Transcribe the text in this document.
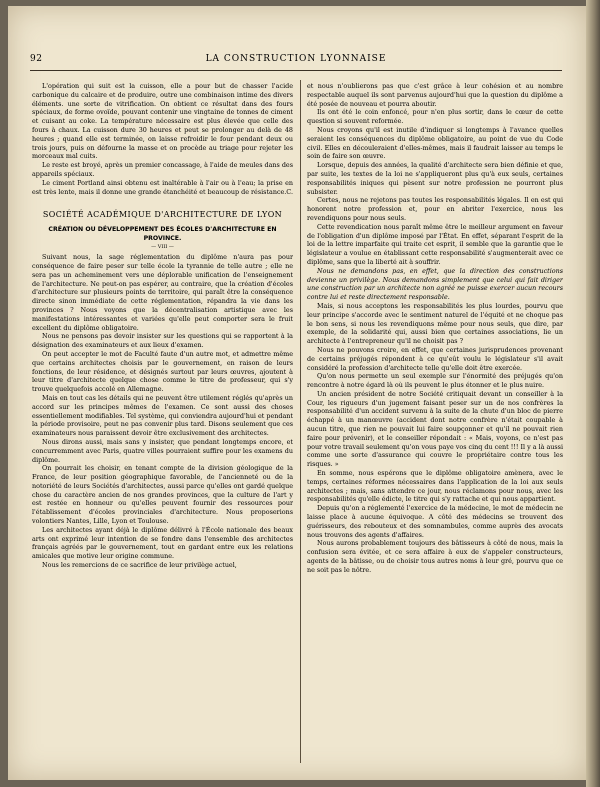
92	LA CONSTRUCTION LYONNAISE

L'opération qui suit est la cuisson, elle a pour but de chasser l'acide carbonique du calcaire et de produire, outre une combinaison intime des divers éléments. une sorte de vitrification. On obtient ce résultat dans des fours spéciaux, de forme ovoïde, pouvant contenir une vingtaine de tonnes de ciment et cuisant au coke. La température nécessaire est plus élevée que celle des fours à chaux. La cuisson dure 30 heures et peut se prolonger au delà de 48 heures ; quand elle est terminée, on laisse refroidir le four pendant deux ou trois jours, puis on défourne la masse et on procède au triage pour rejeter les morceaux mal cuits.

Le reste est broyé, après un premier concassage, à l'aide de meules dans des appareils spéciaux.

Le ciment Portland ainsi obtenu est inaltérable à l'air ou à l'eau; la prise en est très lente, mais il donne une grande étanchéité et beaucoup de résistance. C.

SOCIÉTÉ ACADÉMIQUE D'ARCHITECTURE DE LYON
CRÉATION OU DÉVELOPPEMENT DES ÉCOLES D'ARCHITECTURE EN PROVINCE.
— VIII —

Suivant nous, la sage réglementation du diplôme n'aura pas pour conséquence de faire peser sur telle école la tyrannie de telle autre ; elle ne sera pas un acheminement vers une déplorable unification de l'enseignement de l'architecture. Ne peut-on pas espérer, au contraire, que la création d'écoles d'architecture sur plusieurs points de territoire, qui paraît être la conséquence directe sinon immédiate de cette réglementation, répandra la vie dans les provinces ? Nous voyons que la décentralisation artistique avec les manifestations intéressantes et variées qu'elle peut comporter sera le fruit excellent du diplôme obligatoire.

Nous ne pensons pas devoir insister sur les questions qui se rapportent à la désignation des examinateurs et aux lieux d'examen.

On peut accepter le mot de Faculté faute d'un autre mot, et admettre même que certains architectes choisis par le gouvernement, en raison de leurs fonctions, de leur résidence, et désignés surtout par leurs œuvres, ajoutent à leur titre d'architecte quelque chose comme le titre de professeur, qui s'y trouve quelquefois accolé en Allemagne.

Mais en tout cas les détails qui ne peuvent être utilement réglés qu'après un accord sur les principes mêmes de l'examen. Ce sont aussi des choses essentiellement modifiables. Tel système, qui conviendra aujourd'hui et pendant la période provisoire, peut ne pas convenir plus tard. Disons seulement que ces examinateurs nous paraissent devoir être exclusivement des architectes.

Nous dirons aussi, mais sans y insister, que pendant longtemps encore, et concurremment avec Paris, quatre villes pourraient suffire pour les examens du diplôme.

On pourrait les choisir, en tenant compte de la division géologique de la France, de leur position géographique favorable, de l'ancienneté ou de la notoriété de leurs Sociétés d'architectes, aussi parce qu'elles ont gardé quelque chose du caractère ancien de nos grandes provinces, que la culture de l'art y est restée en honneur ou qu'elles peuvent fournir des ressources pour l'établissement d'écoles provinciales d'architecture. Nous proposerions volontiers Nantes, Lille, Lyon et Toulouse.

Les architectes ayant déjà le diplôme délivré à l'École nationale des beaux arts ont exprimé leur intention de se fondre dans l'ensemble des architectes français agréés par le gouvernement, tout en gardant entre eux les relations amicales que motive leur origine commune.

Nous les remercions de ce sacrifice de leur privilège actuel,

et nous n'oublierons pas que c'est grâce à leur cohésion et au nombre respectable auquel ils sont parvenus aujourd'hui que la question du diplôme a été posée de nouveau et pourra aboutir.

Ils ont été le coin enfoncé, pour n'en plus sortir, dans le cœur de cette question si souvent reformée.

Nous croyons qu'il est inutile d'indiquer si longtemps à l'avance quelles seraient les conséquences du diplôme obligatoire, au point de vue du Code civil. Elles en découleraient d'elles-mêmes, mais il faudrait laisser au temps le soin de faire son œuvre.

Lorsque, depuis des années, la qualité d'architecte sera bien définie et que, par suite, les textes de la loi ne s'appliqueront plus qu'à eux seuls, certaines responsabilités iniques qui pèsent sur notre profession ne pourront plus subsister.

Certes, nous ne rejetons pas toutes les responsabilités légales. Il en est qui honorent notre profession et, pour en abriter l'exercice, nous les revendiquons pour nous seuls.

Cette revendication nous paraît même être le meilleur argument en faveur de l'obligation d'un diplôme imposé par l'État. En effet, séparant l'esprit de la loi de la lettre imparfaite qui traite cet esprit, il semble que la garantie que le législateur a voulue en établissant cette responsabilité s'augmenterait avec ce diplôme, sans que la liberté ait à souffrir.

Nous ne demandons pas, en effet, que la direction des constructions devienne un privilège. Nous demandons simplement que celui qui fait diriger une construction par un architecte non agréé ne puisse exercer aucun recours contre lui et reste directement responsable.

Mais, si nous acceptons les responsabilités les plus lourdes, pourvu que leur principe s'accorde avec le sentiment naturel de l'équité et ne choque pas le bon sens, si nous les revendiquons même pour nous seuls, que dire, par exemple, de la solidarité qui, aussi bien que certaines associations, lie un architecte à l'entrepreneur qu'il ne choisit pas ?

Nous ne pouvons croire, en effet, que certaines jurisprudences provenant de certains préjugés répondent à ce qu'eût voulu le législateur s'il avait considéré la profession d'architecte telle qu'elle doit être exercée.

Qu'on nous permette un seul exemple sur l'énormité des préjugés qu'on rencontre à notre égard là où ils peuvent le plus étonner et le plus nuire.

Un ancien président de notre Société critiquait devant un conseiller à la Cour, les rigueurs d'un jugement faisant peser sur un de nos confrères la responsabilité d'un accident survenu à la suite de la chute d'un bloc de pierre échappé à un manœuvre (accident dont notre confrère n'était coupable à aucun titre, que rien ne pouvait lui faire soupçonner et qu'il ne pouvait rien faire pour prévenir), et le conseiller répondait : « Mais, voyons, ce n'est pas pour votre travail seulement qu'on vous paye vos cinq du cent !!! Il y a là aussi comme une sorte d'assurance qui couvre le propriétaire contre tous les risques. »

En somme, nous espérons que le diplôme obligatoire amènera, avec le temps, certaines réformes nécessaires dans l'application de la loi aux seuls architectes ; mais, sans attendre ce jour, nous réclamons pour nous, avec les responsabilités qu'elle édicte, le titre qui s'y rattache et qui nous appartient.

Depuis qu'on a réglementé l'exercice de la médecine, le mot de médecin ne laisse place à aucune équivoque. A côté des médecins se trouvent des guérisseurs, des rebouteux et des somnambules, comme auprès des avocats nous trouvons des agents d'affaires.

Nous aurons probablement toujours des bâtisseurs à côté de nous, mais la confusion sera évitée, et ce sera affaire à eux de s'appeler constructeurs, agents de la bâtisse, ou de choisir tous autres noms à leur gré, pourvu que ce ne soit pas le nôtre.
